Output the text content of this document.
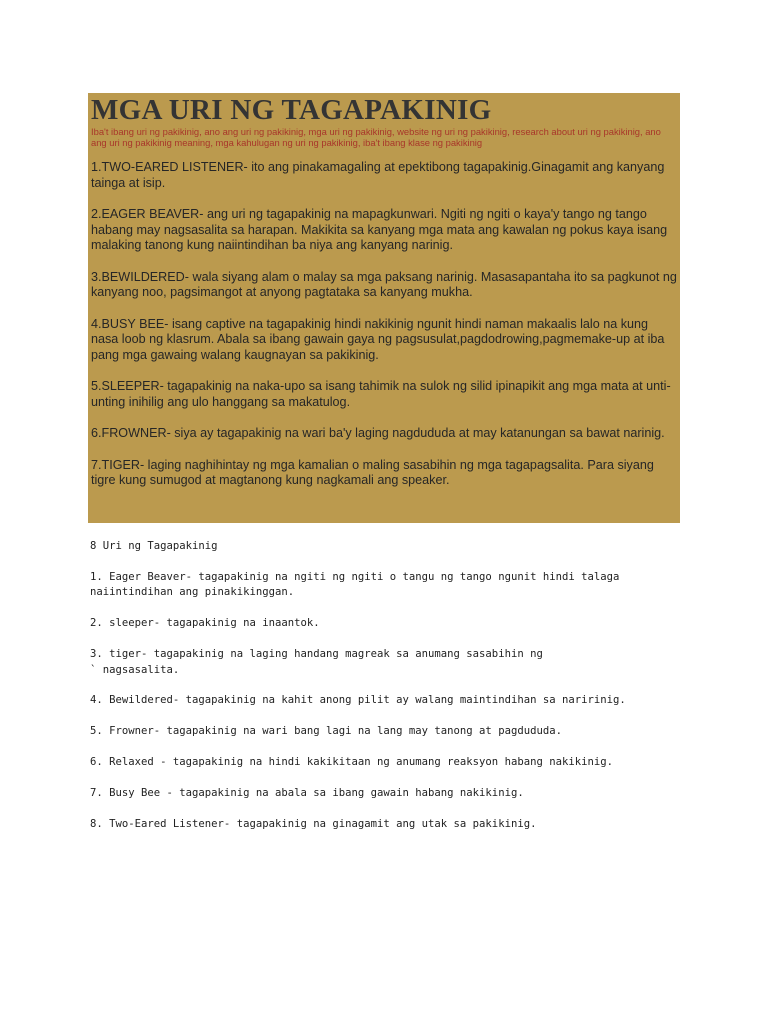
MGA URI NG TAGAPAKINIG
Iba't ibang uri ng pakikinig, ano ang uri ng pakikinig, mga uri ng pakikinig, website ng uri ng pakikinig, research about uri ng pakikinig, ano ang uri ng pakikinig meaning, mga kahulugan ng uri ng pakikinig, iba't ibang klase ng pakikinig

1.TWO-EARED LISTENER- ito ang pinakamagaling at epektibong tagapakinig.Ginagamit ang kanyang tainga at isip.

2.EAGER BEAVER- ang uri ng tagapakinig na mapagkunwari. Ngiti ng ngiti o kaya'y tango ng tango habang may nagsasalita sa harapan. Makikita sa kanyang mga mata ang kawalan ng pokus kaya isang malaking tanong kung naiintindihan ba niya ang kanyang narinig.

3.BEWILDERED- wala siyang alam o malay sa mga paksang narinig. Masasapantaha ito sa pagkunot ng kanyang noo, pagsimangot at anyong pagtataka sa kanyang mukha.

4.BUSY BEE- isang captive na tagapakinig hindi nakikinig ngunit hindi naman makaalis lalo na kung nasa loob ng klasrum. Abala sa ibang gawain gaya ng pagsusulat,pagdodrowing,pagmemake-up at iba pang mga gawaing walang kaugnayan sa pakikinig.

5.SLEEPER- tagapakinig na naka-upo sa isang tahimik na sulok ng silid ipinapikit ang mga mata at unti-unting inihilig ang ulo hanggang sa makatulog.

6.FROWNER- siya ay tagapakinig na wari ba'y laging nagdududa at may katanungan sa bawat narinig.

7.TIGER- laging naghihintay ng mga kamalian o maling sasabihin ng mga tagapagsalita. Para siyang tigre kung sumugod at magtanong kung nagkamali ang speaker.

8 Uri ng Tagapakinig

1. Eager Beaver- tagapakinig na ngiti ng ngiti o tangu ng tango ngunit hindi talaga
naiintindihan ang pinakikinggan.

2. sleeper- tagapakinig na inaantok.

3. tiger- tagapakinig na laging handang magreak sa anumang sasabihin ng
` nagsasalita.

4. Bewildered- tagapakinig na kahit anong pilit ay walang maintindihan sa naririnig.

5. Frowner- tagapakinig na wari bang lagi na lang may tanong at pagdududa.

6. Relaxed - tagapakinig na hindi kakikitaan ng anumang reaksyon habang nakikinig.

7. Busy Bee - tagapakinig na abala sa ibang gawain habang nakikinig.

8. Two-Eared Listener- tagapakinig na ginagamit ang utak sa pakikinig.
